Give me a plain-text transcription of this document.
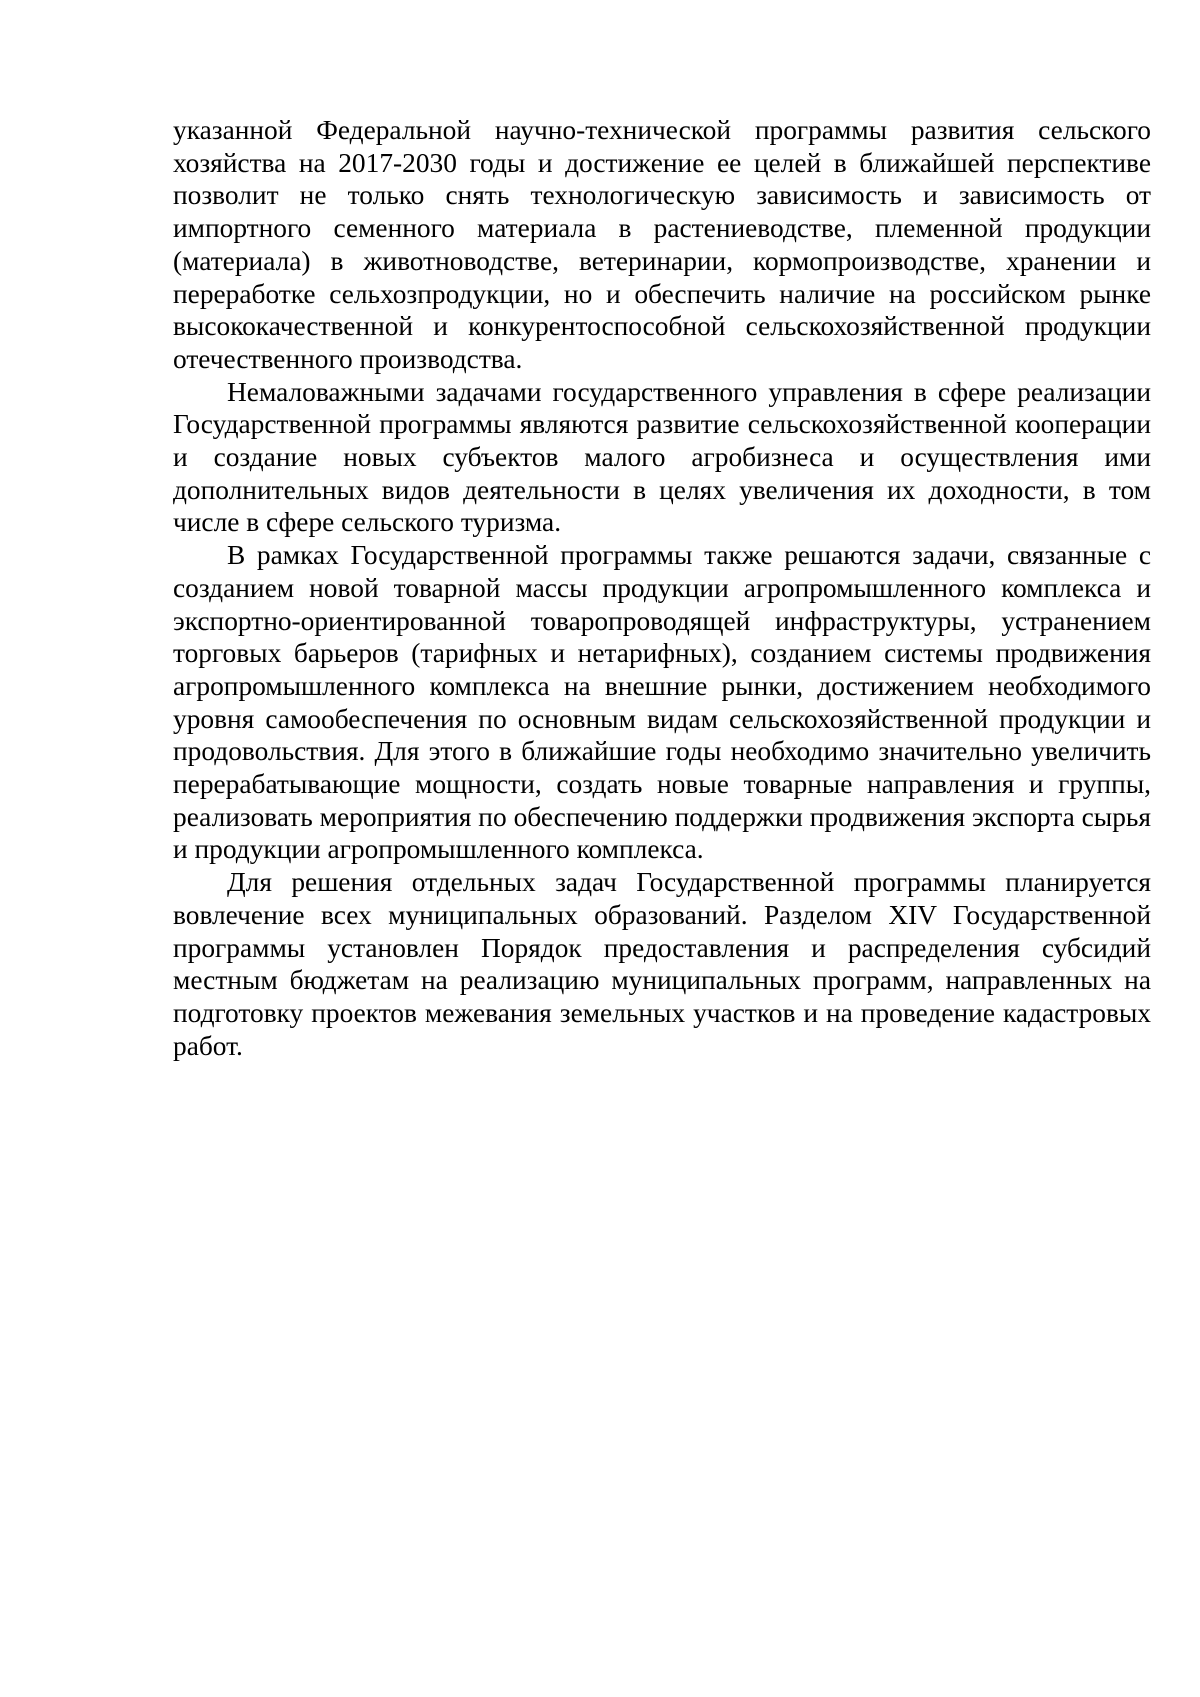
указанной Федеральной научно-технической программы развития сельского хозяйства на 2017-2030 годы и достижение ее целей в ближайшей перспективе позволит не только снять технологическую зависимость и зависимость от импортного семенного материала в растениеводстве, племенной продукции (материала) в животноводстве, ветеринарии, кормопроизводстве, хранении и переработке сельхозпродукции, но и обеспечить наличие на российском рынке высококачественной и конкурентоспособной сельскохозяйственной продукции отечественного производства.

Немаловажными задачами государственного управления в сфере реализации Государственной программы являются развитие сельскохозяйственной кооперации и создание новых субъектов малого агробизнеса и осуществления ими дополнительных видов деятельности в целях увеличения их доходности, в том числе в сфере сельского туризма.

В рамках Государственной программы также решаются задачи, связанные с созданием новой товарной массы продукции агропромышленного комплекса и экспортно-ориентированной товаропроводящей инфраструктуры, устранением торговых барьеров (тарифных и нетарифных), созданием системы продвижения агропромышленного комплекса на внешние рынки, достижением необходимого уровня самообеспечения по основным видам сельскохозяйственной продукции и продовольствия. Для этого в ближайшие годы необходимо значительно увеличить перерабатывающие мощности, создать новые товарные направления и группы, реализовать мероприятия по обеспечению поддержки продвижения экспорта сырья и продукции агропромышленного комплекса.

Для решения отдельных задач Государственной программы планируется вовлечение всех муниципальных образований. Разделом XIV Государственной программы установлен Порядок предоставления и распределения субсидий местным бюджетам на реализацию муниципальных программ, направленных на подготовку проектов межевания земельных участков и на проведение кадастровых работ.
